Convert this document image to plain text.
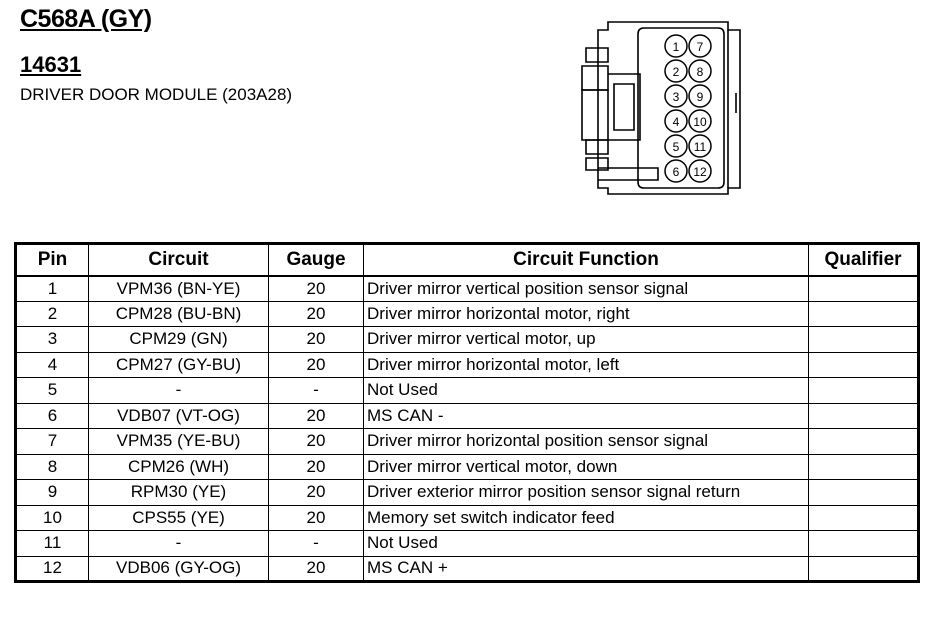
C568A (GY)
14631
DRIVER DOOR MODULE (203A28)
1
2
3
4
5
6
7
8
9
10
11
12
Pin	Circuit	Gauge	Circuit Function	Qualifier
1	VPM36 (BN-YE)	20	Driver mirror vertical position sensor signal	
2	CPM28 (BU-BN)	20	Driver mirror horizontal motor, right	
3	CPM29 (GN)	20	Driver mirror vertical motor, up	
4	CPM27 (GY-BU)	20	Driver mirror horizontal motor, left	
5	-	-	Not Used	
6	VDB07 (VT-OG)	20	MS CAN -	
7	VPM35 (YE-BU)	20	Driver mirror horizontal position sensor signal	
8	CPM26 (WH)	20	Driver mirror vertical motor, down	
9	RPM30 (YE)	20	Driver exterior mirror position sensor signal return	
10	CPS55 (YE)	20	Memory set switch indicator feed	
11	-	-	Not Used	
12	VDB06 (GY-OG)	20	MS CAN +	
